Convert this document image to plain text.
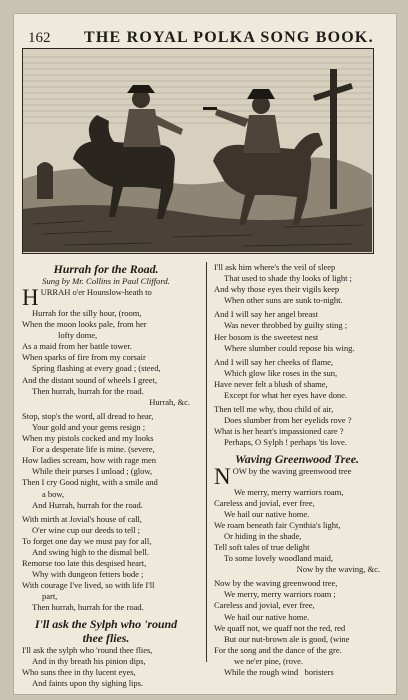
162 THE ROYAL POLKA SONG BOOK.
Hurrah for the Road.
Sung by Mr. Collins in Paul Clifford.
HURRAH o'er Hounslow-heath to
Hurrah for the silly hour, (room,
When the moon looks pale, from her
lofty dome,
As a maid from her battle tower.
When sparks of fire from my corsair
Spring flashing at every goad ; (steed,
And the distant sound of wheels I greet,
Then hurrah, hurrah for the road.
Hurrah, &c.
Stop, stop's the word, all dread to hear,
Your gold and your gems resign ;
When my pistols cocked and my looks
For a desperate life is mine. (severe,
How ladies scream, how with rage men
While their purses I unload ; (glow,
Then I cry Good night, with a smile and
a bow,
And Hurrah, hurrah for the road.
With mirth at Jovial's house of call,
O'er wine cup our deeds to tell ;
To forget one day we must pay for all,
And swing high to the dismal bell.
Remorse too late this despised heart,
Why with dungeon fetters bode ;
With courage I've lived, so with life I'll
part,
Then hurrah, hurrah for the road.
I'll ask the Sylph who 'round
thee flies.
I'll ask the sylph who 'round thee flies,
And in thy breath his pinion dips,
Who suns thee in thy lucent eyes,
And faints upon thy sighing lips.
I'll ask him where's the veil of sleep
That used to shade thy looks of light ;
And why those eyes their vigils keep
When other suns are sunk to-night.
And I will say her angel breast
Was never throbbed by guilty sting ;
Her bosom is the sweetest nest
Where slumber could repose his wing.
And I will say her cheeks of flame,
Which glow like roses in the sun,
Have never felt a blush of shame,
Except for what her eyes have done.
Then tell me why, thou child of air,
Does slumber from her eyelids rove ?
What is her heart's impassioned care ?
Perhaps, O Sylph ! perhaps 'tis love.
Waving Greenwood Tree.
NOW by the waving greenwood tree
We merry, merry warriors roam,
Careless and jovial, ever free,
We hail our native home.
We roam beneath fair Cynthia's light,
Or hiding in the shade,
Tell soft tales of true delight
To some lovely woodland maid,
Now by the waving, &c.
Now by the waving greenwood tree,
We merry, merry warriors roam ;
Careless and jovial, ever free,
We hail our native home.
We quaff not, we quaff not the red, red
But our nut-brown ale is good, (wine
For the song and the dance of the gre.
we ne'er pine, (rove.
While the rough wind boristers
